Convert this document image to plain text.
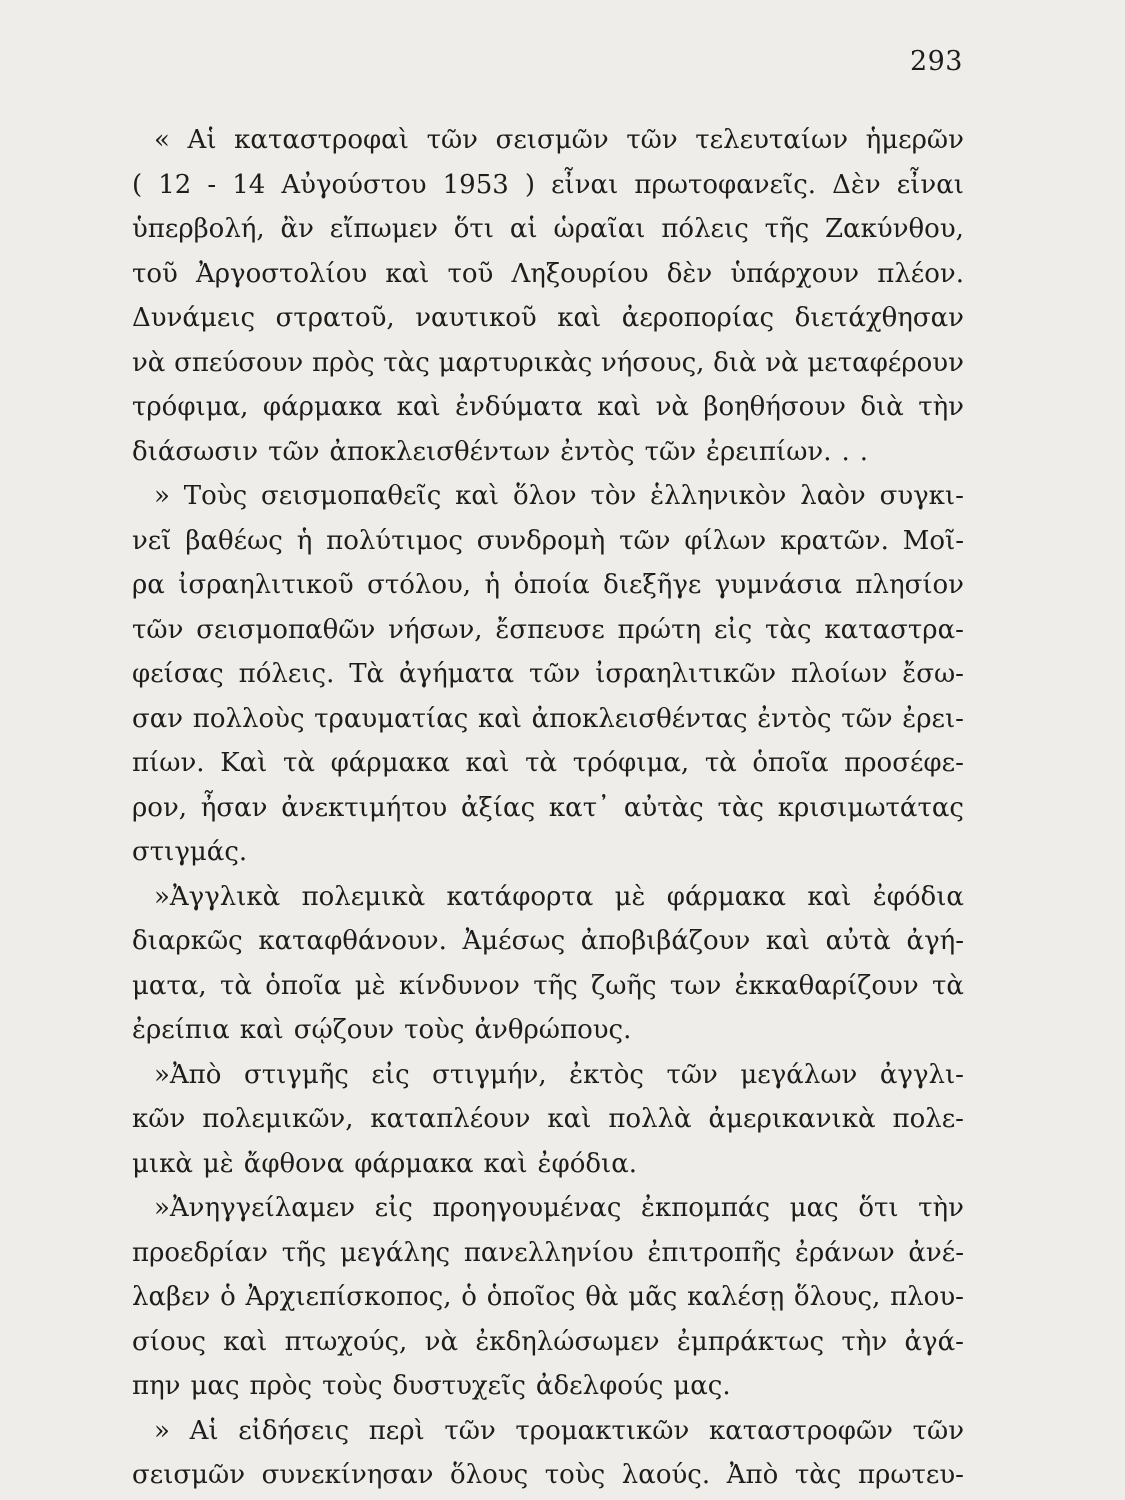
293
« Αἱ καταστροφαὶ τῶν σεισμῶν τῶν τελευταίων ἡμερῶν
( 12 - 14 Αὐγούστου 1953 ) εἶναι πρωτοφανεῖς. Δὲν εἶναι
ὑπερβολή, ἂν εἴπωμεν ὅτι αἱ ὡραῖαι πόλεις τῆς Ζακύνθου,
τοῦ Ἀργοστολίου καὶ τοῦ Ληξουρίου δὲν ὑπάρχουν πλέον.
Δυνάμεις στρατοῦ, ναυτικοῦ καὶ ἀεροπορίας διετάχθησαν
νὰ σπεύσουν πρὸς τὰς μαρτυρικὰς νήσους, διὰ νὰ μεταφέρουν
τρόφιμα, φάρμακα καὶ ἐνδύματα καὶ νὰ βοηθήσουν διὰ τὴν
διάσωσιν τῶν ἀποκλεισθέντων ἐντὸς τῶν ἐρειπίων. . .
» Τοὺς σεισμοπαθεῖς καὶ ὅλον τὸν ἑλληνικὸν λαὸν συγκι-
νεῖ βαθέως ἡ πολύτιμος συνδρομὴ τῶν φίλων κρατῶν. Μοῖ-
ρα ἰσραηλιτικοῦ στόλου, ἡ ὁποία διεξῆγε γυμνάσια πλησίον
τῶν σεισμοπαθῶν νήσων, ἔσπευσε πρώτη εἰς τὰς καταστρα-
φείσας πόλεις. Τὰ ἀγήματα τῶν ἰσραηλιτικῶν πλοίων ἔσω-
σαν πολλοὺς τραυματίας καὶ ἀποκλεισθέντας ἐντὸς τῶν ἐρει-
πίων. Καὶ τὰ φάρμακα καὶ τὰ τρόφιμα, τὰ ὁποῖα προσέφε-
ρον, ἦσαν ἀνεκτιμήτου ἀξίας κατ᾽ αὐτὰς τὰς κρισιμωτάτας
στιγμάς.
»Ἀγγλικὰ πολεμικὰ κατάφορτα μὲ φάρμακα καὶ ἐφόδια
διαρκῶς καταφθάνουν. Ἀμέσως ἀποβιβάζουν καὶ αὐτὰ ἀγή-
ματα, τὰ ὁποῖα μὲ κίνδυνον τῆς ζωῆς των ἐκκαθαρίζουν τὰ
ἐρείπια καὶ σῴζουν τοὺς ἀνθρώπους.
»Ἀπὸ στιγμῆς εἰς στιγμήν, ἐκτὸς τῶν μεγάλων ἀγγλι-
κῶν πολεμικῶν, καταπλέουν καὶ πολλὰ ἀμερικανικὰ πολε-
μικὰ μὲ ἄφθονα φάρμακα καὶ ἐφόδια.
»Ἀνηγγείλαμεν εἰς προηγουμένας ἐκπομπάς μας ὅτι τὴν
προεδρίαν τῆς μεγάλης πανελληνίου ἐπιτροπῆς ἐράνων ἀνέ-
λαβεν ὁ Ἀρχιεπίσκοπος, ὁ ὁποῖος θὰ μᾶς καλέσῃ ὅλους, πλου-
σίους καὶ πτωχούς, νὰ ἐκδηλώσωμεν ἐμπράκτως τὴν ἀγά-
πην μας πρὸς τοὺς δυστυχεῖς ἀδελφούς μας.
» Αἱ εἰδήσεις περὶ τῶν τρομακτικῶν καταστροφῶν τῶν
σεισμῶν συνεκίνησαν ὅλους τοὺς λαούς. Ἀπὸ τὰς πρωτευ-
